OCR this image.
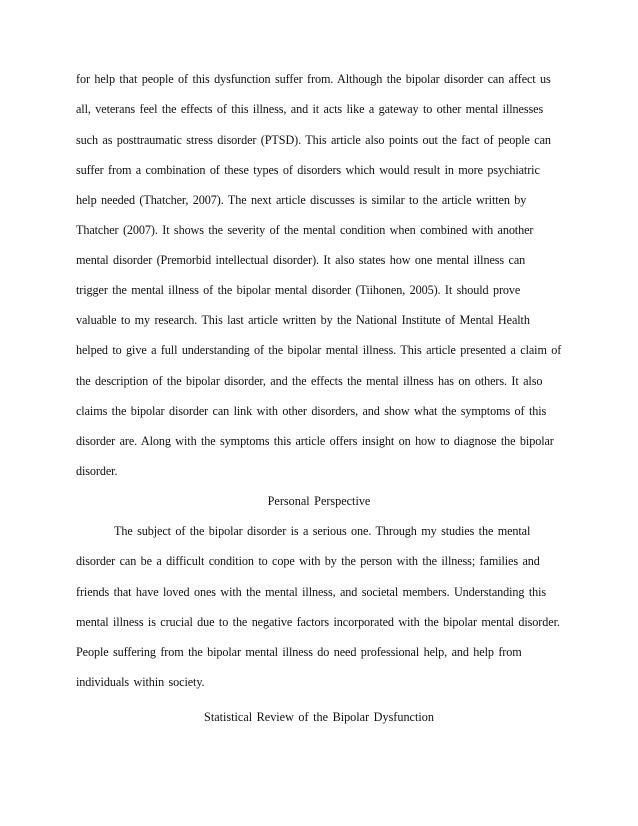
for help that people of this dysfunction suffer from. Although the bipolar disorder can affect us
all, veterans feel the effects of this illness, and it acts like a gateway to other mental illnesses
such as posttraumatic stress disorder (PTSD). This article also points out the fact of people can
suffer from a combination of these types of disorders which would result in more psychiatric
help needed (Thatcher, 2007). The next article discusses is similar to the article written by
Thatcher (2007). It shows the severity of the mental condition when combined with another
mental disorder (Premorbid intellectual disorder). It also states how one mental illness can
trigger the mental illness of the bipolar mental disorder (Tiihonen, 2005). It should prove
valuable to my research. This last article written by the National Institute of Mental Health
helped to give a full understanding of the bipolar mental illness. This article presented a claim of
the description of the bipolar disorder, and the effects the mental illness has on others. It also
claims the bipolar disorder can link with other disorders, and show what the symptoms of this
disorder are. Along with the symptoms this article offers insight on how to diagnose the bipolar
disorder.
Personal Perspective
The subject of the bipolar disorder is a serious one. Through my studies the mental
disorder can be a difficult condition to cope with by the person with the illness; families and
friends that have loved ones with the mental illness, and societal members. Understanding this
mental illness is crucial due to the negative factors incorporated with the bipolar mental disorder.
People suffering from the bipolar mental illness do need professional help, and help from
individuals within society.
Statistical Review of the Bipolar Dysfunction
